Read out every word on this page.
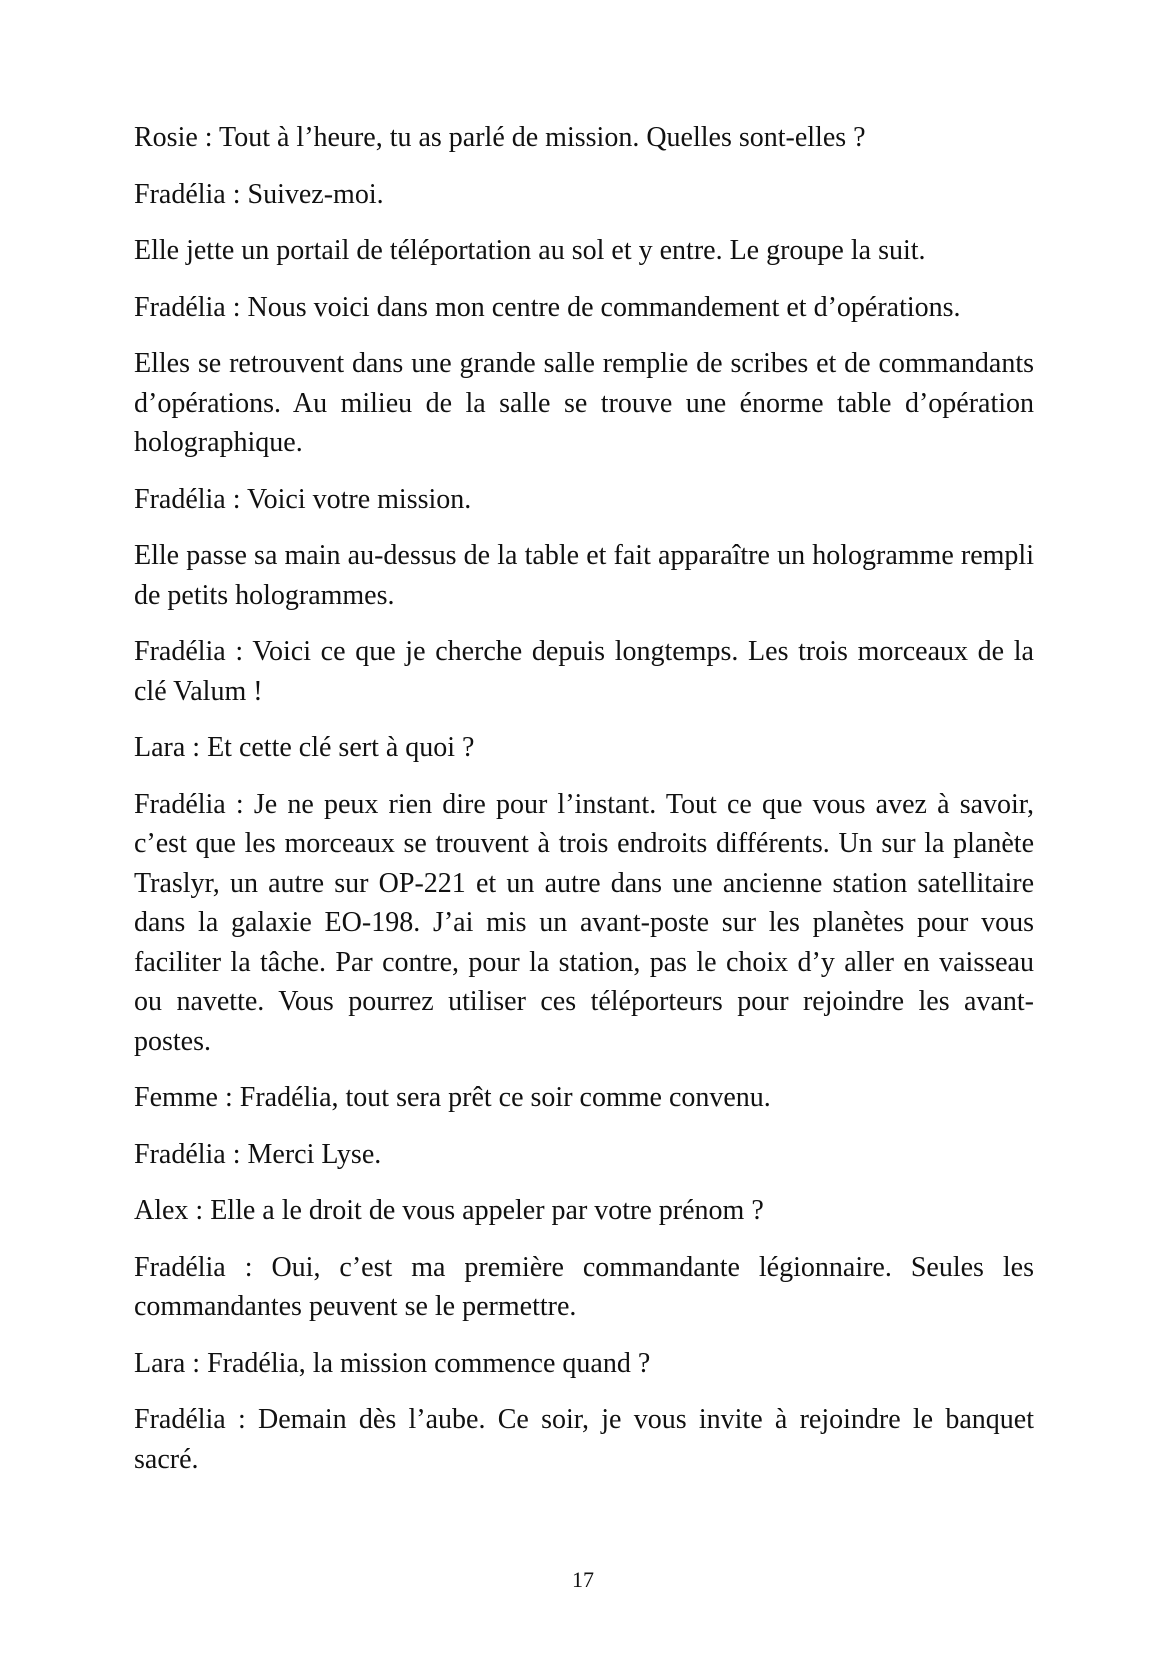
Rosie : Tout à l’heure, tu as parlé de mission. Quelles sont-elles ?

Fradélia : Suivez-moi.

Elle jette un portail de téléportation au sol et y entre. Le groupe la suit.

Fradélia : Nous voici dans mon centre de commandement et d’opérations.

Elles se retrouvent dans une grande salle remplie de scribes et de commandants d’opérations. Au milieu de la salle se trouve une énorme table d’opération holographique.

Fradélia : Voici votre mission.

Elle passe sa main au-dessus de la table et fait apparaître un hologramme rempli de petits hologrammes.

Fradélia : Voici ce que je cherche depuis longtemps. Les trois morceaux de la clé Valum !

Lara : Et cette clé sert à quoi ?

Fradélia : Je ne peux rien dire pour l’instant. Tout ce que vous avez à savoir, c’est que les morceaux se trouvent à trois endroits différents. Un sur la planète Traslyr, un autre sur OP-221 et un autre dans une ancienne station satellitaire dans la galaxie EO-198. J’ai mis un avant-poste sur les planètes pour vous faciliter la tâche. Par contre, pour la station, pas le choix d’y aller en vaisseau ou navette. Vous pourrez utiliser ces téléporteurs pour rejoindre les avant-postes.

Femme : Fradélia, tout sera prêt ce soir comme convenu.

Fradélia : Merci Lyse.

Alex : Elle a le droit de vous appeler par votre prénom ?

Fradélia : Oui, c’est ma première commandante légionnaire. Seules les commandantes peuvent se le permettre.

Lara : Fradélia, la mission commence quand ?

Fradélia : Demain dès l’aube. Ce soir, je vous invite à rejoindre le banquet sacré.

17
